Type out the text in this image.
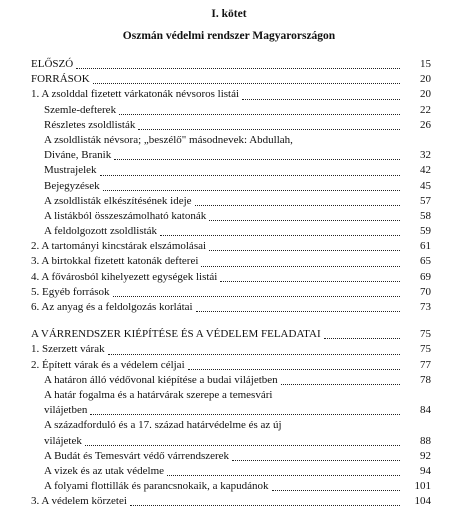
I. kötet
Oszmán védelmi rendszer Magyarországon
ELŐSZÓ	15
FORRÁSOK	20
1. A zsolddal fizetett várkatonák névsoros listái	20
Szemle-defterek	22
Részletes zsoldlisták	26
A zsoldlisták névsora; „beszélő" másodnevek: Abdullah,
Diváne, Branik	32
Mustrajelek	42
Bejegyzések	45
A zsoldlisták elkészítésének ideje	57
A listákból összeszámolható katonák	58
A feldolgozott zsoldlisták	59
2. A tartományi kincstárak elszámolásai	61
3. A birtokkal fizetett katonák defterei	65
4. A fővárosból kihelyezett egységek listái	69
5. Egyéb források	70
6. Az anyag és a feldolgozás korlátai	73
A VÁRRENDSZER KIÉPÍTÉSE ÉS A VÉDELEM FELADATAI	75
1. Szerzett várak	75
2. Épített várak és a védelem céljai	77
A határon álló védővonal kiépítése a budai vilájetben	78
A határ fogalma és a határvárak szerepe a temesvári
vilájetben	84
A századforduló és a 17. század határvédelme és az új
vilájetek	88
A Budát és Temesvárt védő várrendszerek	92
A vizek és az utak védelme	94
A folyami flottillák és parancsnokaik, a kapudánok	101
3. A védelem körzetei	104
